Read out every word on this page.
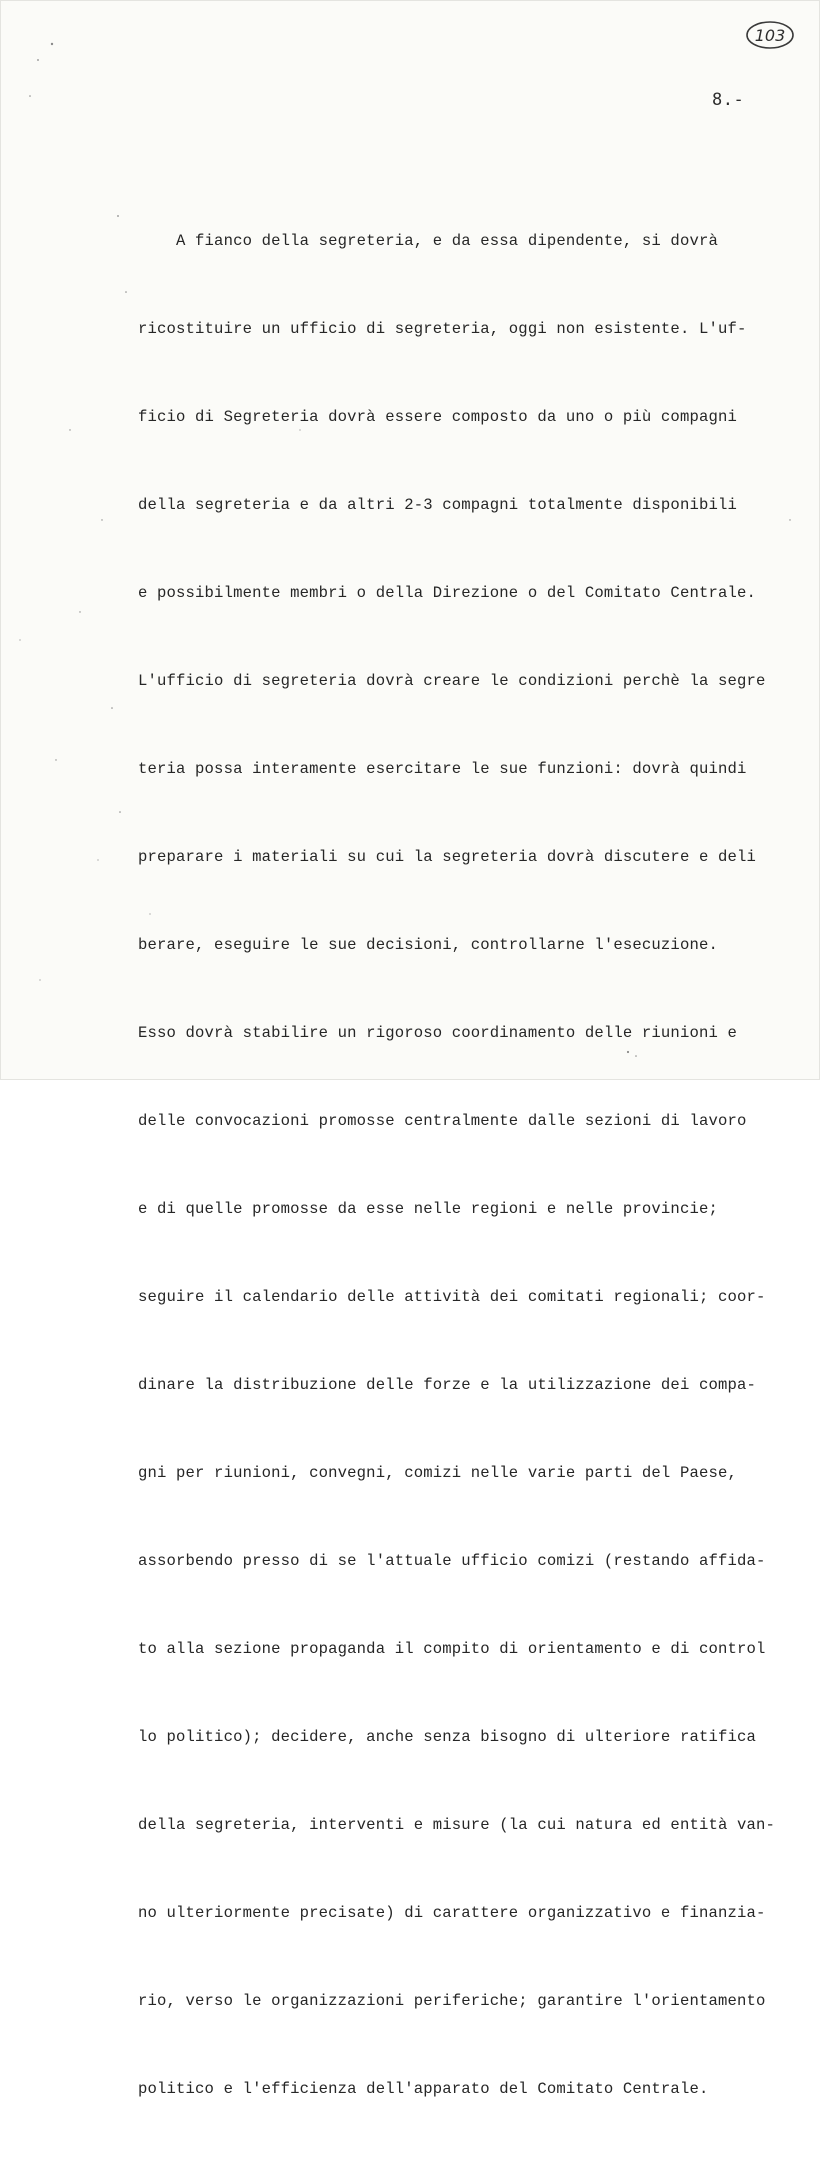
103
8.-

A fianco della segreteria, e da essa dipendente, si dovrà

ricostituire un ufficio di segreteria, oggi non esistente. L'uf-

ficio di Segreteria dovrà essere composto da uno o più compagni

della segreteria e da altri 2-3 compagni totalmente disponibili

e possibilmente membri o della Direzione o del Comitato Centrale.

L'ufficio di segreteria dovrà creare le condizioni perchè la segre

teria possa interamente esercitare le sue funzioni: dovrà quindi

preparare i materiali su cui la segreteria dovrà discutere e deli

berare, eseguire le sue decisioni, controllarne l'esecuzione.

Esso dovrà stabilire un rigoroso coordinamento delle riunioni e

delle convocazioni promosse centralmente dalle sezioni di lavoro

e di quelle promosse da esse nelle regioni e nelle provincie;

seguire il calendario delle attività dei comitati regionali; coor-

dinare la distribuzione delle forze e la utilizzazione dei compa-

gni per riunioni, convegni, comizi nelle varie parti del Paese,

assorbendo presso di se l'attuale ufficio comizi (restando affida-

to alla sezione propaganda il compito di orientamento e di control

lo politico); decidere, anche senza bisogno di ulteriore ratifica

della segreteria, interventi e misure (la cui natura ed entità van-

no ulteriormente precisate) di carattere organizzativo e finanzia-

rio, verso le organizzazioni periferiche; garantire l'orientamento

politico e l'efficienza dell'apparato del Comitato Centrale.
